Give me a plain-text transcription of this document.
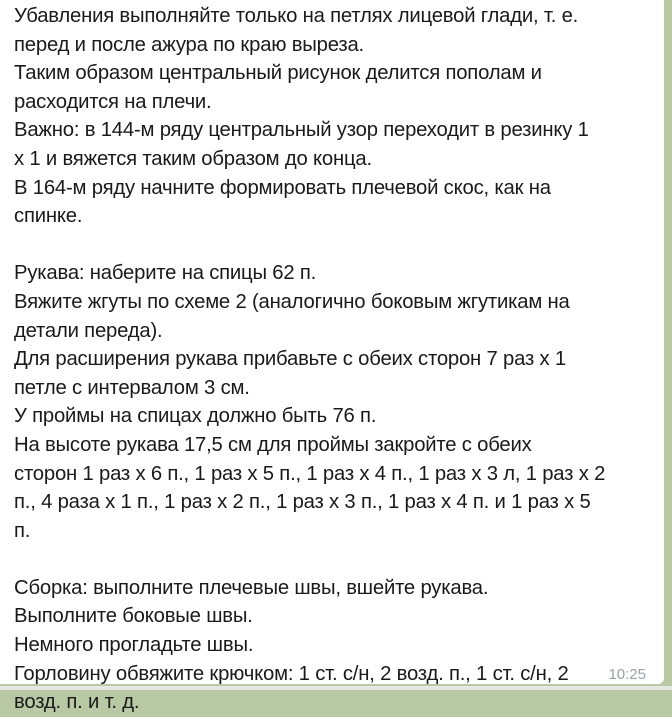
Убавления выполняйте только на петлях лицевой глади, т. е.
перед и после ажура по краю выреза.
Таким образом центральный рисунок делится пополам и
расходится на плечи.
Важно: в 144-м ряду центральный узор переходит в резинку 1
х 1 и вяжется таким образом до конца.
В 164-м ряду начните формировать плечевой скос, как на
спинке.
Рукава: наберите на спицы 62 п.
Вяжите жгуты по схеме 2 (аналогично боковым жгутикам на
детали переда).
Для расширения рукава прибавьте с обеих сторон 7 раз х 1
петле с интервалом 3 см.
У проймы на спицах должно быть 76 п.
На высоте рукава 17,5 см для проймы закройте с обеих
сторон 1 раз х 6 п., 1 раз х 5 п., 1 раз х 4 п., 1 раз х 3 л, 1 раз х 2
п., 4 раза х 1 п., 1 раз х 2 п., 1 раз х 3 п., 1 раз х 4 п. и 1 раз х 5
п.
Сборка: выполните плечевые швы, вшейте рукава.
Выполните боковые швы.
Немного прогладьте швы.
Горловину обвяжите крючком: 1 ст. с/н, 2 возд. п., 1 ст. с/н, 2
возд. п. и т. д.
10:25
